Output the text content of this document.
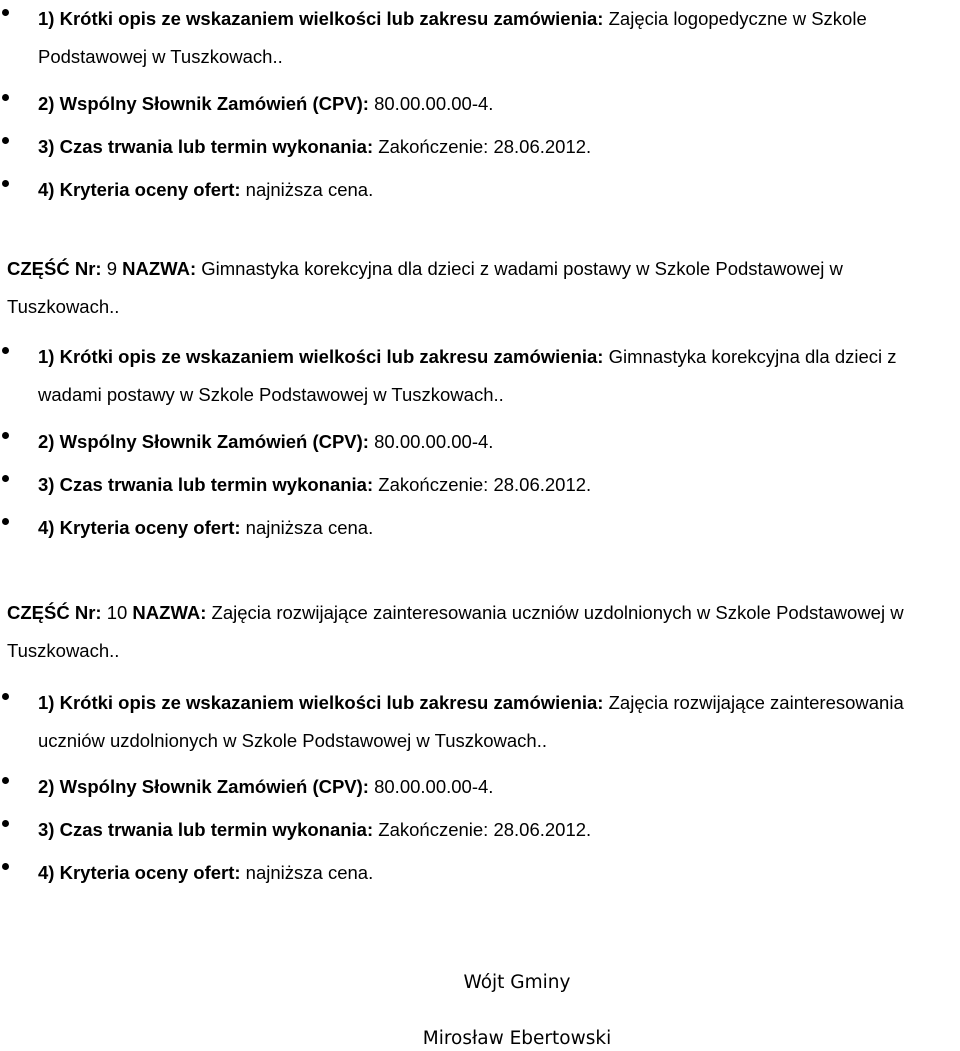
1) Krótki opis ze wskazaniem wielkości lub zakresu zamówienia: Zajęcia logopedyczne w Szkole Podstawowej w Tuszkowach..
2) Wspólny Słownik Zamówień (CPV): 80.00.00.00-4.
3) Czas trwania lub termin wykonania: Zakończenie: 28.06.2012.
4) Kryteria oceny ofert: najniższa cena.
CZĘŚĆ Nr: 9 NAZWA: Gimnastyka korekcyjna dla dzieci z wadami postawy w Szkole Podstawowej w Tuszkowach..
1) Krótki opis ze wskazaniem wielkości lub zakresu zamówienia: Gimnastyka korekcyjna dla dzieci z wadami postawy w Szkole Podstawowej w Tuszkowach..
2) Wspólny Słownik Zamówień (CPV): 80.00.00.00-4.
3) Czas trwania lub termin wykonania: Zakończenie: 28.06.2012.
4) Kryteria oceny ofert: najniższa cena.
CZĘŚĆ Nr: 10 NAZWA: Zajęcia rozwijające zainteresowania uczniów uzdolnionych w Szkole Podstawowej w Tuszkowach..
1) Krótki opis ze wskazaniem wielkości lub zakresu zamówienia: Zajęcia rozwijające zainteresowania uczniów uzdolnionych w Szkole Podstawowej w Tuszkowach..
2) Wspólny Słownik Zamówień (CPV): 80.00.00.00-4.
3) Czas trwania lub termin wykonania: Zakończenie: 28.06.2012.
4) Kryteria oceny ofert: najniższa cena.
Wójt Gminy
Mirosław Ebertowski
